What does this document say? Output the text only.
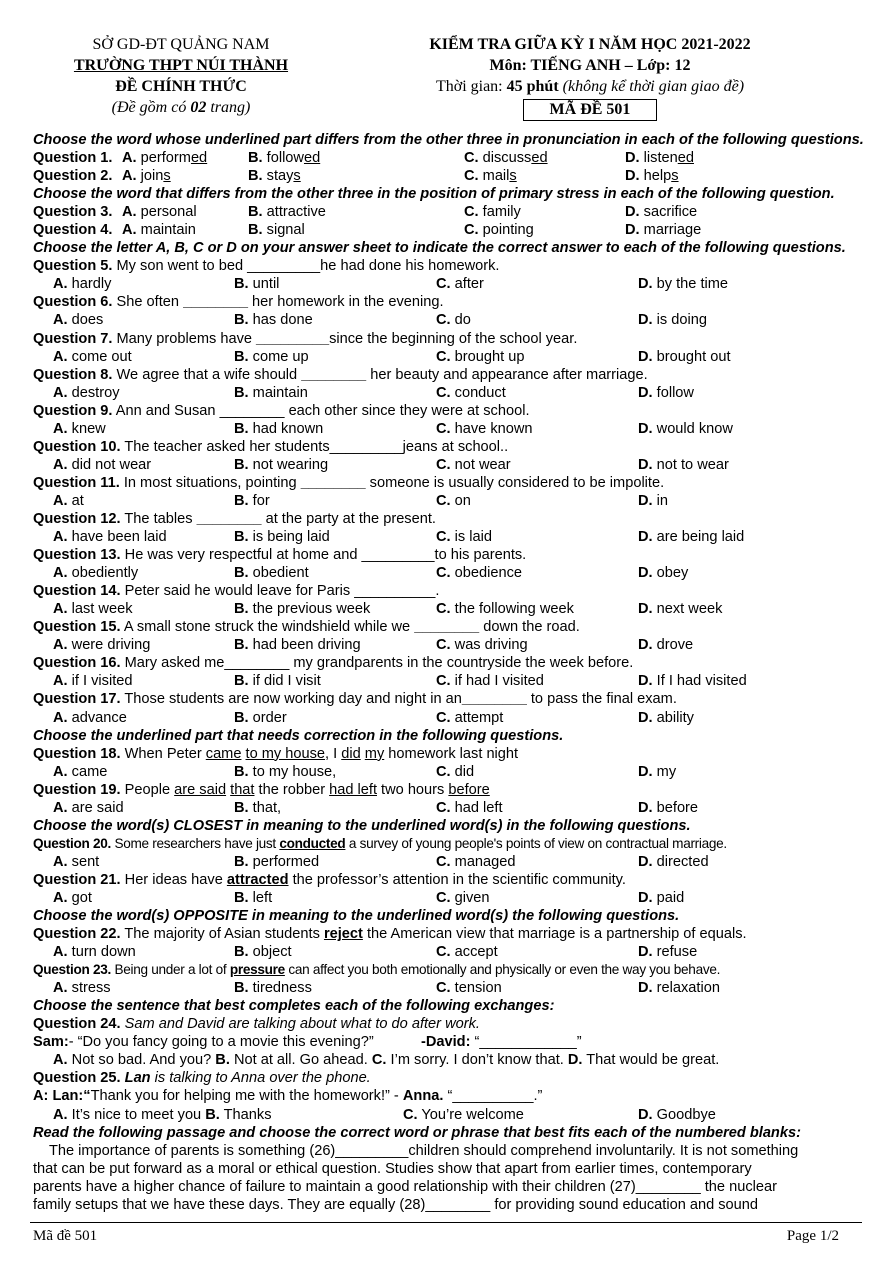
SỞ GD-ĐT QUẢNG NAM
TRƯỜNG THPT NÚI THÀNH
ĐỀ CHÍNH THỨC
(Đề gồm có 02 trang)
KIỂM TRA GIỮA KỲ I NĂM HỌC 2021-2022
Môn: TIẾNG ANH – Lớp: 12
Thời gian: 45 phút (không kể thời gian giao đề)
MÃ ĐỀ 501
Choose the word whose underlined part differs from the other three in pronunciation in each of the following questions.
Question 1. A. performed	B. followed	C. discussed	D. listened
Question 2. A. joins	B. stays	C. mails	D. helps
Choose the word that differs from the other three in the position of primary stress in each of the following question.
Question 3. A. personal	B. attractive	C. family	D. sacrifice
Question 4. A. maintain	B. signal	C. pointing	D. marriage
Choose the letter A, B, C or D on your answer sheet to indicate the correct answer to each of the following questions.
Question 5. My son went to bed _________he had done his homework.
A. hardly	B. until	C. after	D. by the time
Question 6. She often ________ her homework in the evening.
A. does	B. has done	C. do	D. is doing
Question 7. Many problems have _________since the beginning of the school year.
A. come out	B. come up	C. brought up	D. brought out
Question 8. We agree that a wife should ________ her beauty and appearance after marriage.
A. destroy	B. maintain	C. conduct	D. follow
Question 9. Ann and Susan ________ each other since they were at school.
A. knew	B. had known	C. have known	D. would know
Question 10. The teacher asked her students_________jeans at school..
A. did not wear	B. not wearing	C. not wear	D. not to wear
Question 11. In most situations, pointing ________ someone is usually considered to be impolite.
A. at	B. for	C. on	D. in
Question 12. The tables ________ at the party at the present.
A. have been laid	B. is being laid	C. is laid	D. are being laid
Question 13. He was very respectful at home and _________to his parents.
A. obediently	B. obedient	C. obedience	D. obey
Question 14. Peter said he would leave for Paris __________.
A. last week	B. the previous week	C. the following week	D. next week
Question 15. A small stone struck the windshield while we ________ down the road.
A. were driving	B. had been driving	C. was driving	D. drove
Question 16. Mary asked me________ my grandparents in the countryside the week before.
A. if I visited	B. if did I visit	C. if had I visited	D. If I had visited
Question 17. Those students are now working day and night in an________ to pass the final exam.
A. advance	B. order	C. attempt	D. ability
Choose the underlined part that needs correction in the following questions.
Question 18. When Peter came to my house, I did my homework last night
A. came	B. to my house,	C. did	D. my
Question 19. People are said that the robber had left two hours before
A. are said	B. that,	C. had left	D. before
Choose the word(s) CLOSEST in meaning to the underlined word(s) in the following questions.
Question 20. Some researchers have just conducted a survey of young people's points of view on contractual marriage.
A. sent	B. performed	C. managed	D. directed
Question 21. Her ideas have attracted the professor’s attention in the scientific community.
A. got	B. left	C. given	D. paid
Choose the word(s) OPPOSITE in meaning to the underlined word(s) the following questions.
Question 22. The majority of Asian students reject the American view that marriage is a partnership of equals.
A. turn down	B. object	C. accept	D. refuse
Question 23. Being under a lot of pressure can affect you both emotionally and physically or even the way you behave.
A. stress	B. tiredness	C. tension	D. relaxation
Choose the sentence that best completes each of the following exchanges:
Question 24. Sam and David are talking about what to do after work.
Sam:- “Do you fancy going to a movie this evening?”	-David: “____________”
A. Not so bad. And you? B. Not at all. Go ahead. C. I’m sorry. I don’t know that. D. That would be great.
Question 25. Lan is talking to Anna over the phone.
A: Lan:“Thank you for helping me with the homework!” - Anna. “__________.”
A. It’s nice to meet you B. Thanks	C. You’re welcome	D. Goodbye
Read the following passage and choose the correct word or phrase that best fits each of the numbered blanks:
The importance of parents is something (26)_________children should comprehend involuntarily. It is not something
that can be put forward as a moral or ethical question. Studies show that apart from earlier times, contemporary
parents have a higher chance of failure to maintain a good relationship with their children (27)________ the nuclear
family setups that we have these days. They are equally (28)________ for providing sound education and sound
Mã đề 501	Page 1/2
